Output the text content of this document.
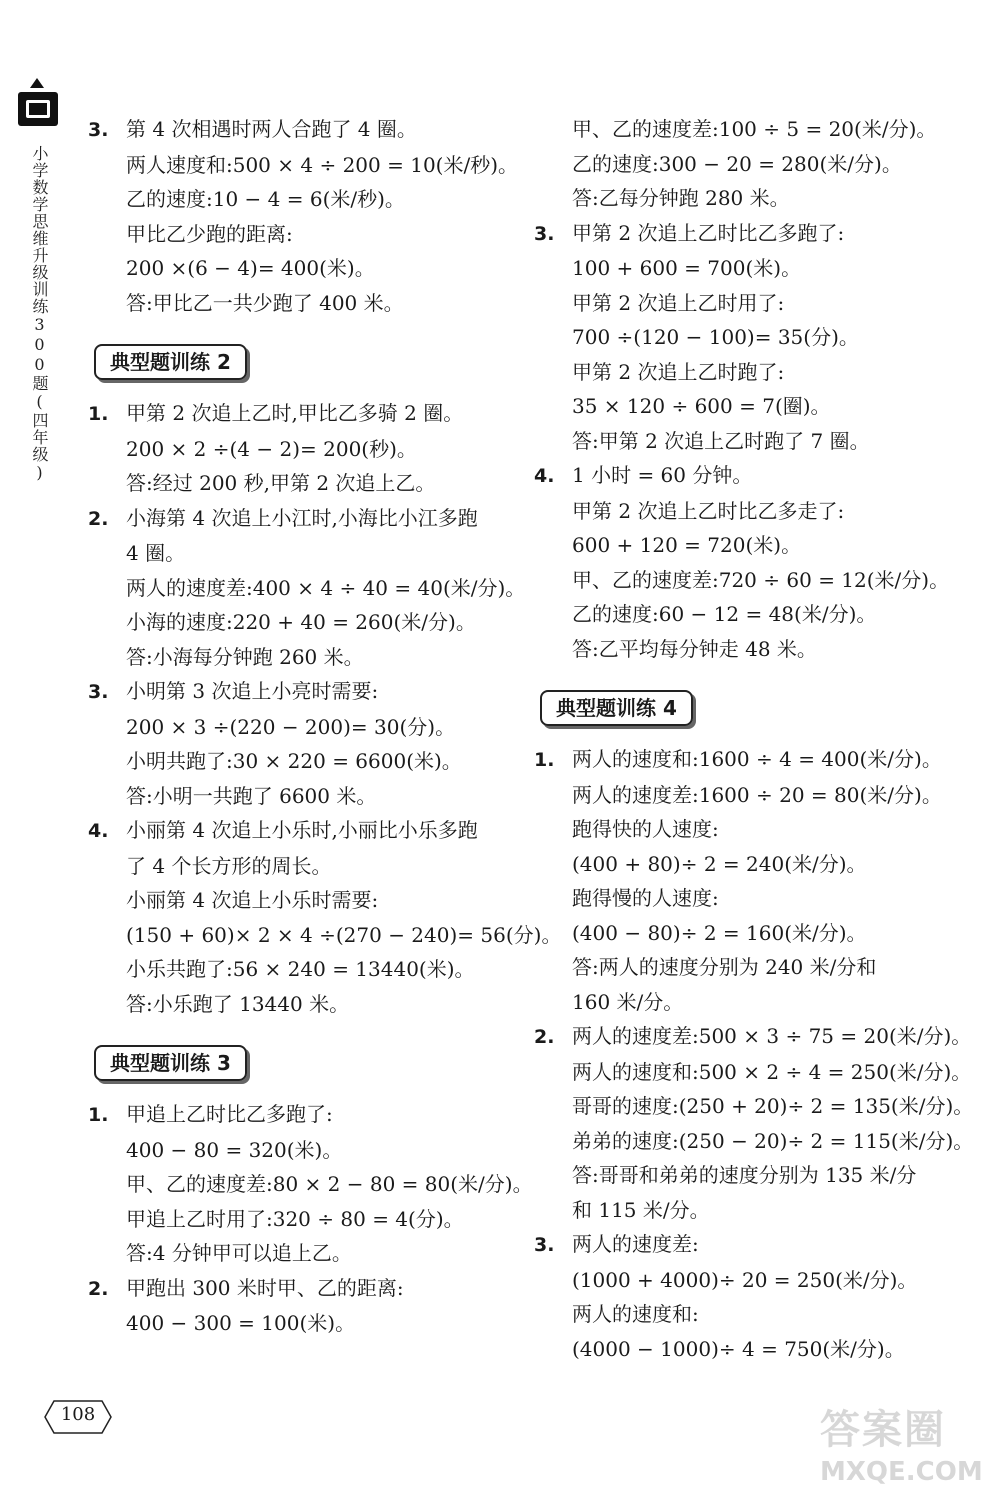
小学数学思维升级训练300题(四年级)
3. 第 4 次相遇时两人合跑了 4 圈。
两人速度和:500 × 4 ÷ 200 = 10(米/秒)。
乙的速度:10 − 4 = 6(米/秒)。
甲比乙少跑的距离:
200 ×(6 − 4)= 400(米)。
答:甲比乙一共少跑了 400 米。
典型题训练 2
1. 甲第 2 次追上乙时,甲比乙多骑 2 圈。
200 × 2 ÷(4 − 2)= 200(秒)。
答:经过 200 秒,甲第 2 次追上乙。
2. 小海第 4 次追上小江时,小海比小江多跑
4 圈。
两人的速度差:400 × 4 ÷ 40 = 40(米/分)。
小海的速度:220 + 40 = 260(米/分)。
答:小海每分钟跑 260 米。
3. 小明第 3 次追上小亮时需要:
200 × 3 ÷(220 − 200)= 30(分)。
小明共跑了:30 × 220 = 6600(米)。
答:小明一共跑了 6600 米。
4. 小丽第 4 次追上小乐时,小丽比小乐多跑
了 4 个长方形的周长。
小丽第 4 次追上小乐时需要:
(150 + 60)× 2 × 4 ÷(270 − 240)= 56(分)。
小乐共跑了:56 × 240 = 13440(米)。
答:小乐跑了 13440 米。
典型题训练 3
1. 甲追上乙时比乙多跑了:
400 − 80 = 320(米)。
甲、乙的速度差:80 × 2 − 80 = 80(米/分)。
甲追上乙时用了:320 ÷ 80 = 4(分)。
答:4 分钟甲可以追上乙。
2. 甲跑出 300 米时甲、乙的距离:
400 − 300 = 100(米)。
甲、乙的速度差:100 ÷ 5 = 20(米/分)。
乙的速度:300 − 20 = 280(米/分)。
答:乙每分钟跑 280 米。
3. 甲第 2 次追上乙时比乙多跑了:
100 + 600 = 700(米)。
甲第 2 次追上乙时用了:
700 ÷(120 − 100)= 35(分)。
甲第 2 次追上乙时跑了:
35 × 120 ÷ 600 = 7(圈)。
答:甲第 2 次追上乙时跑了 7 圈。
4. 1 小时 = 60 分钟。
甲第 2 次追上乙时比乙多走了:
600 + 120 = 720(米)。
甲、乙的速度差:720 ÷ 60 = 12(米/分)。
乙的速度:60 − 12 = 48(米/分)。
答:乙平均每分钟走 48 米。
典型题训练 4
1. 两人的速度和:1600 ÷ 4 = 400(米/分)。
两人的速度差:1600 ÷ 20 = 80(米/分)。
跑得快的人速度:
(400 + 80)÷ 2 = 240(米/分)。
跑得慢的人速度:
(400 − 80)÷ 2 = 160(米/分)。
答:两人的速度分别为 240 米/分和
160 米/分。
2. 两人的速度差:500 × 3 ÷ 75 = 20(米/分)。
两人的速度和:500 × 2 ÷ 4 = 250(米/分)。
哥哥的速度:(250 + 20)÷ 2 = 135(米/分)。
弟弟的速度:(250 − 20)÷ 2 = 115(米/分)。
答:哥哥和弟弟的速度分别为 135 米/分
和 115 米/分。
3. 两人的速度差:
(1000 + 4000)÷ 20 = 250(米/分)。
两人的速度和:
(4000 − 1000)÷ 4 = 750(米/分)。
108	答案圈
MXQE.COM
